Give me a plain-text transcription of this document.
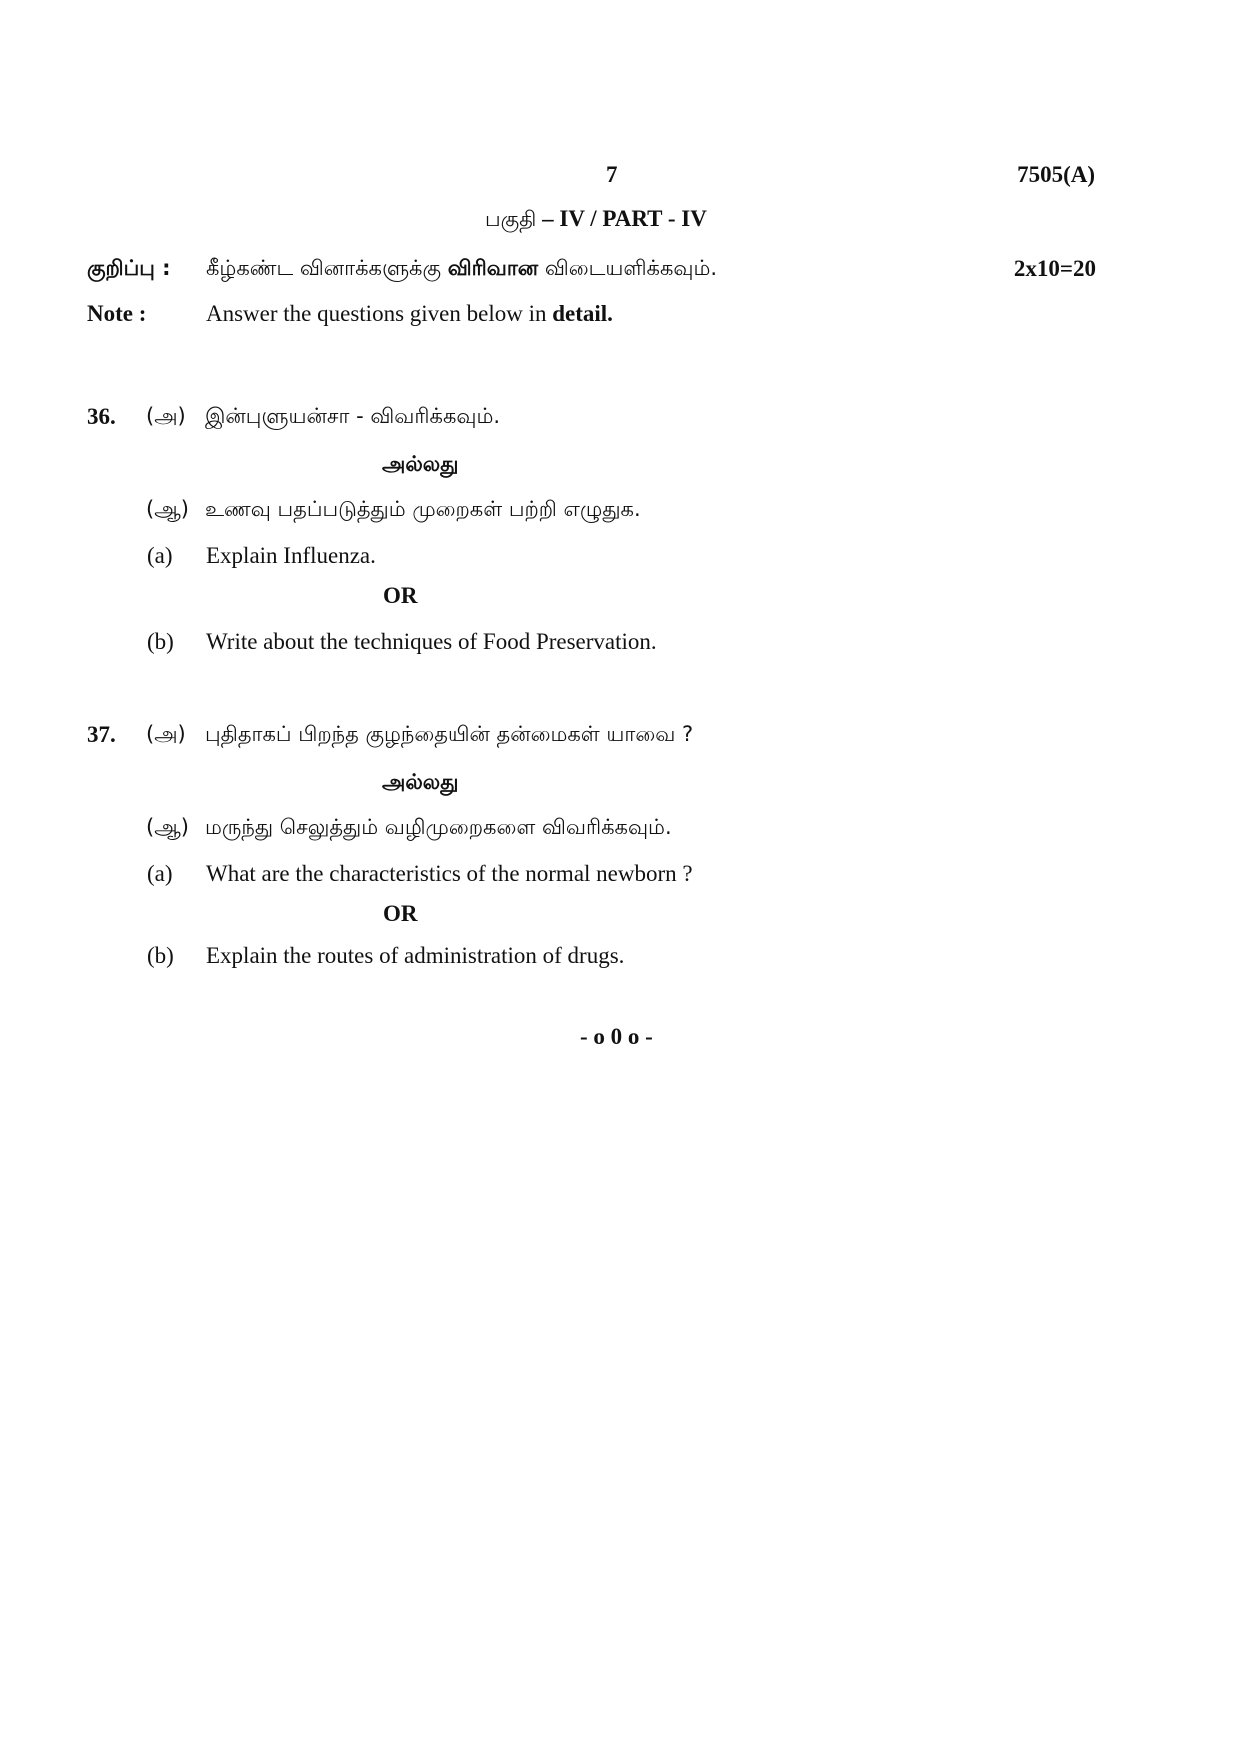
7	7505(A)
பகுதி – IV / PART - IV
குறிப்பு : கீழ்கண்ட வினாக்களுக்கு விரிவான விடையளிக்கவும்.	2x10=20
Note :	Answer the questions given below in detail.
36. (அ) இன்புளுயன்சா - விவரிக்கவும்.
அல்லது
(ஆ) உணவு பதப்படுத்தும் முறைகள் பற்றி எழுதுக.
(a) Explain Influenza.
OR
(b) Write about the techniques of Food Preservation.
37. (அ) புதிதாகப் பிறந்த குழந்தையின் தன்மைகள் யாவை ?
அல்லது
(ஆ) மருந்து செலுத்தும் வழிமுறைகளை விவரிக்கவும்.
(a) What are the characteristics of the normal newborn ?
OR
(b) Explain the routes of administration of drugs.
- o 0 o -
